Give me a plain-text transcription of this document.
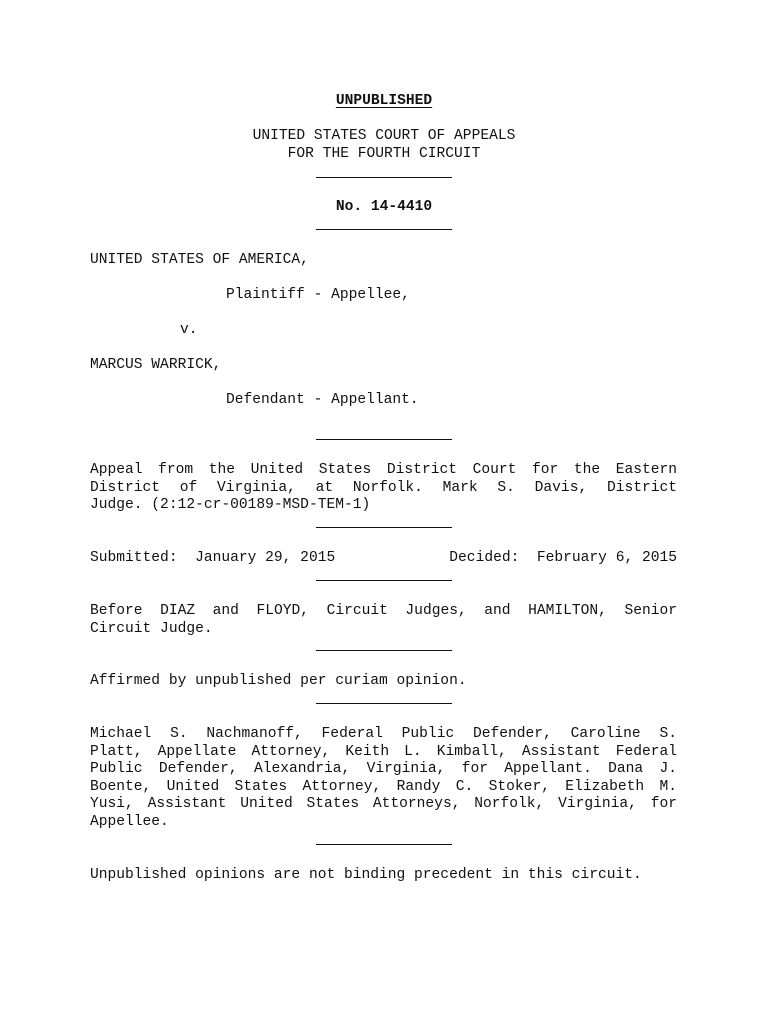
UNPUBLISHED
UNITED STATES COURT OF APPEALS
FOR THE FOURTH CIRCUIT
No. 14-4410
UNITED STATES OF AMERICA,
Plaintiff - Appellee,
v.
MARCUS WARRICK,
Defendant - Appellant.
Appeal from the United States District Court for the Eastern
District of Virginia, at Norfolk. Mark S. Davis, District
Judge. (2:12-cr-00189-MSD-TEM-1)
Submitted:  January 29, 2015	Decided:  February 6, 2015
Before DIAZ and FLOYD, Circuit Judges, and HAMILTON, Senior
Circuit Judge.
Affirmed by unpublished per curiam opinion.
Michael S. Nachmanoff, Federal Public Defender, Caroline S.
Platt, Appellate Attorney, Keith L. Kimball, Assistant Federal
Public Defender, Alexandria, Virginia, for Appellant. Dana J.
Boente, United States Attorney, Randy C. Stoker, Elizabeth M.
Yusi, Assistant United States Attorneys, Norfolk, Virginia, for
Appellee.
Unpublished opinions are not binding precedent in this circuit.
